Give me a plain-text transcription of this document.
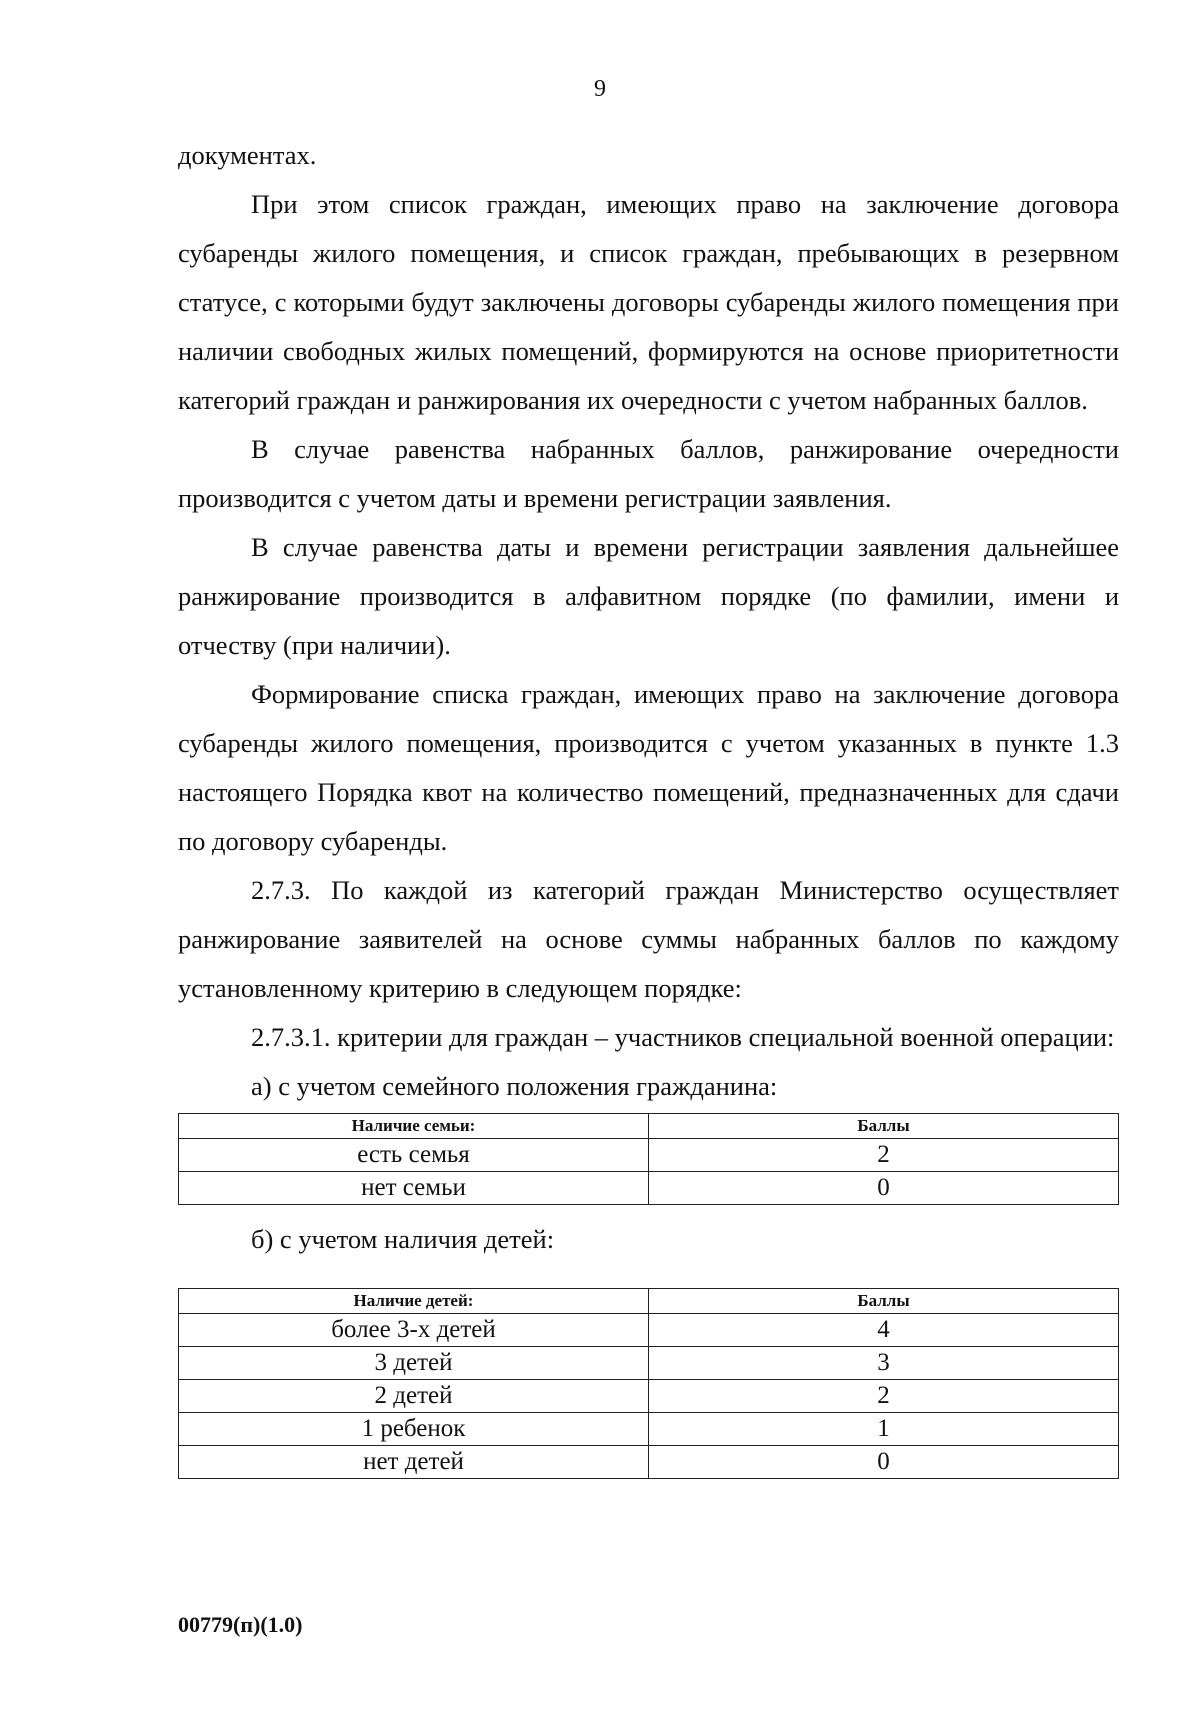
9

документах.

При этом список граждан, имеющих право на заключение договора субаренды жилого помещения, и список граждан, пребывающих в резервном статусе, с которыми будут заключены договоры субаренды жилого помещения при наличии свободных жилых помещений, формируются на основе приоритетности категорий граждан и ранжирования их очередности с учетом набранных баллов.

В случае равенства набранных баллов, ранжирование очередности производится с учетом даты и времени регистрации заявления.

В случае равенства даты и времени регистрации заявления дальнейшее ранжирование производится в алфавитном порядке (по фамилии, имени и отчеству (при наличии).

Формирование списка граждан, имеющих право на заключение договора субаренды жилого помещения, производится с учетом указанных в пункте 1.3 настоящего Порядка квот на количество помещений, предназначенных для сдачи по договору субаренды.

2.7.3. По каждой из категорий граждан Министерство осуществляет ранжирование заявителей на основе суммы набранных баллов по каждому установленному критерию в следующем порядке:

2.7.3.1. критерии для граждан – участников специальной военной операции:

а) с учетом семейного положения гражданина:

Наличие семьи:	Баллы
есть семья	2
нет семьи	0

б) с учетом наличия детей:

Наличие детей:	Баллы
более 3-х детей	4
3 детей	3
2 детей	2
1 ребенок	1
нет детей	0
00779(п)(1.0)
